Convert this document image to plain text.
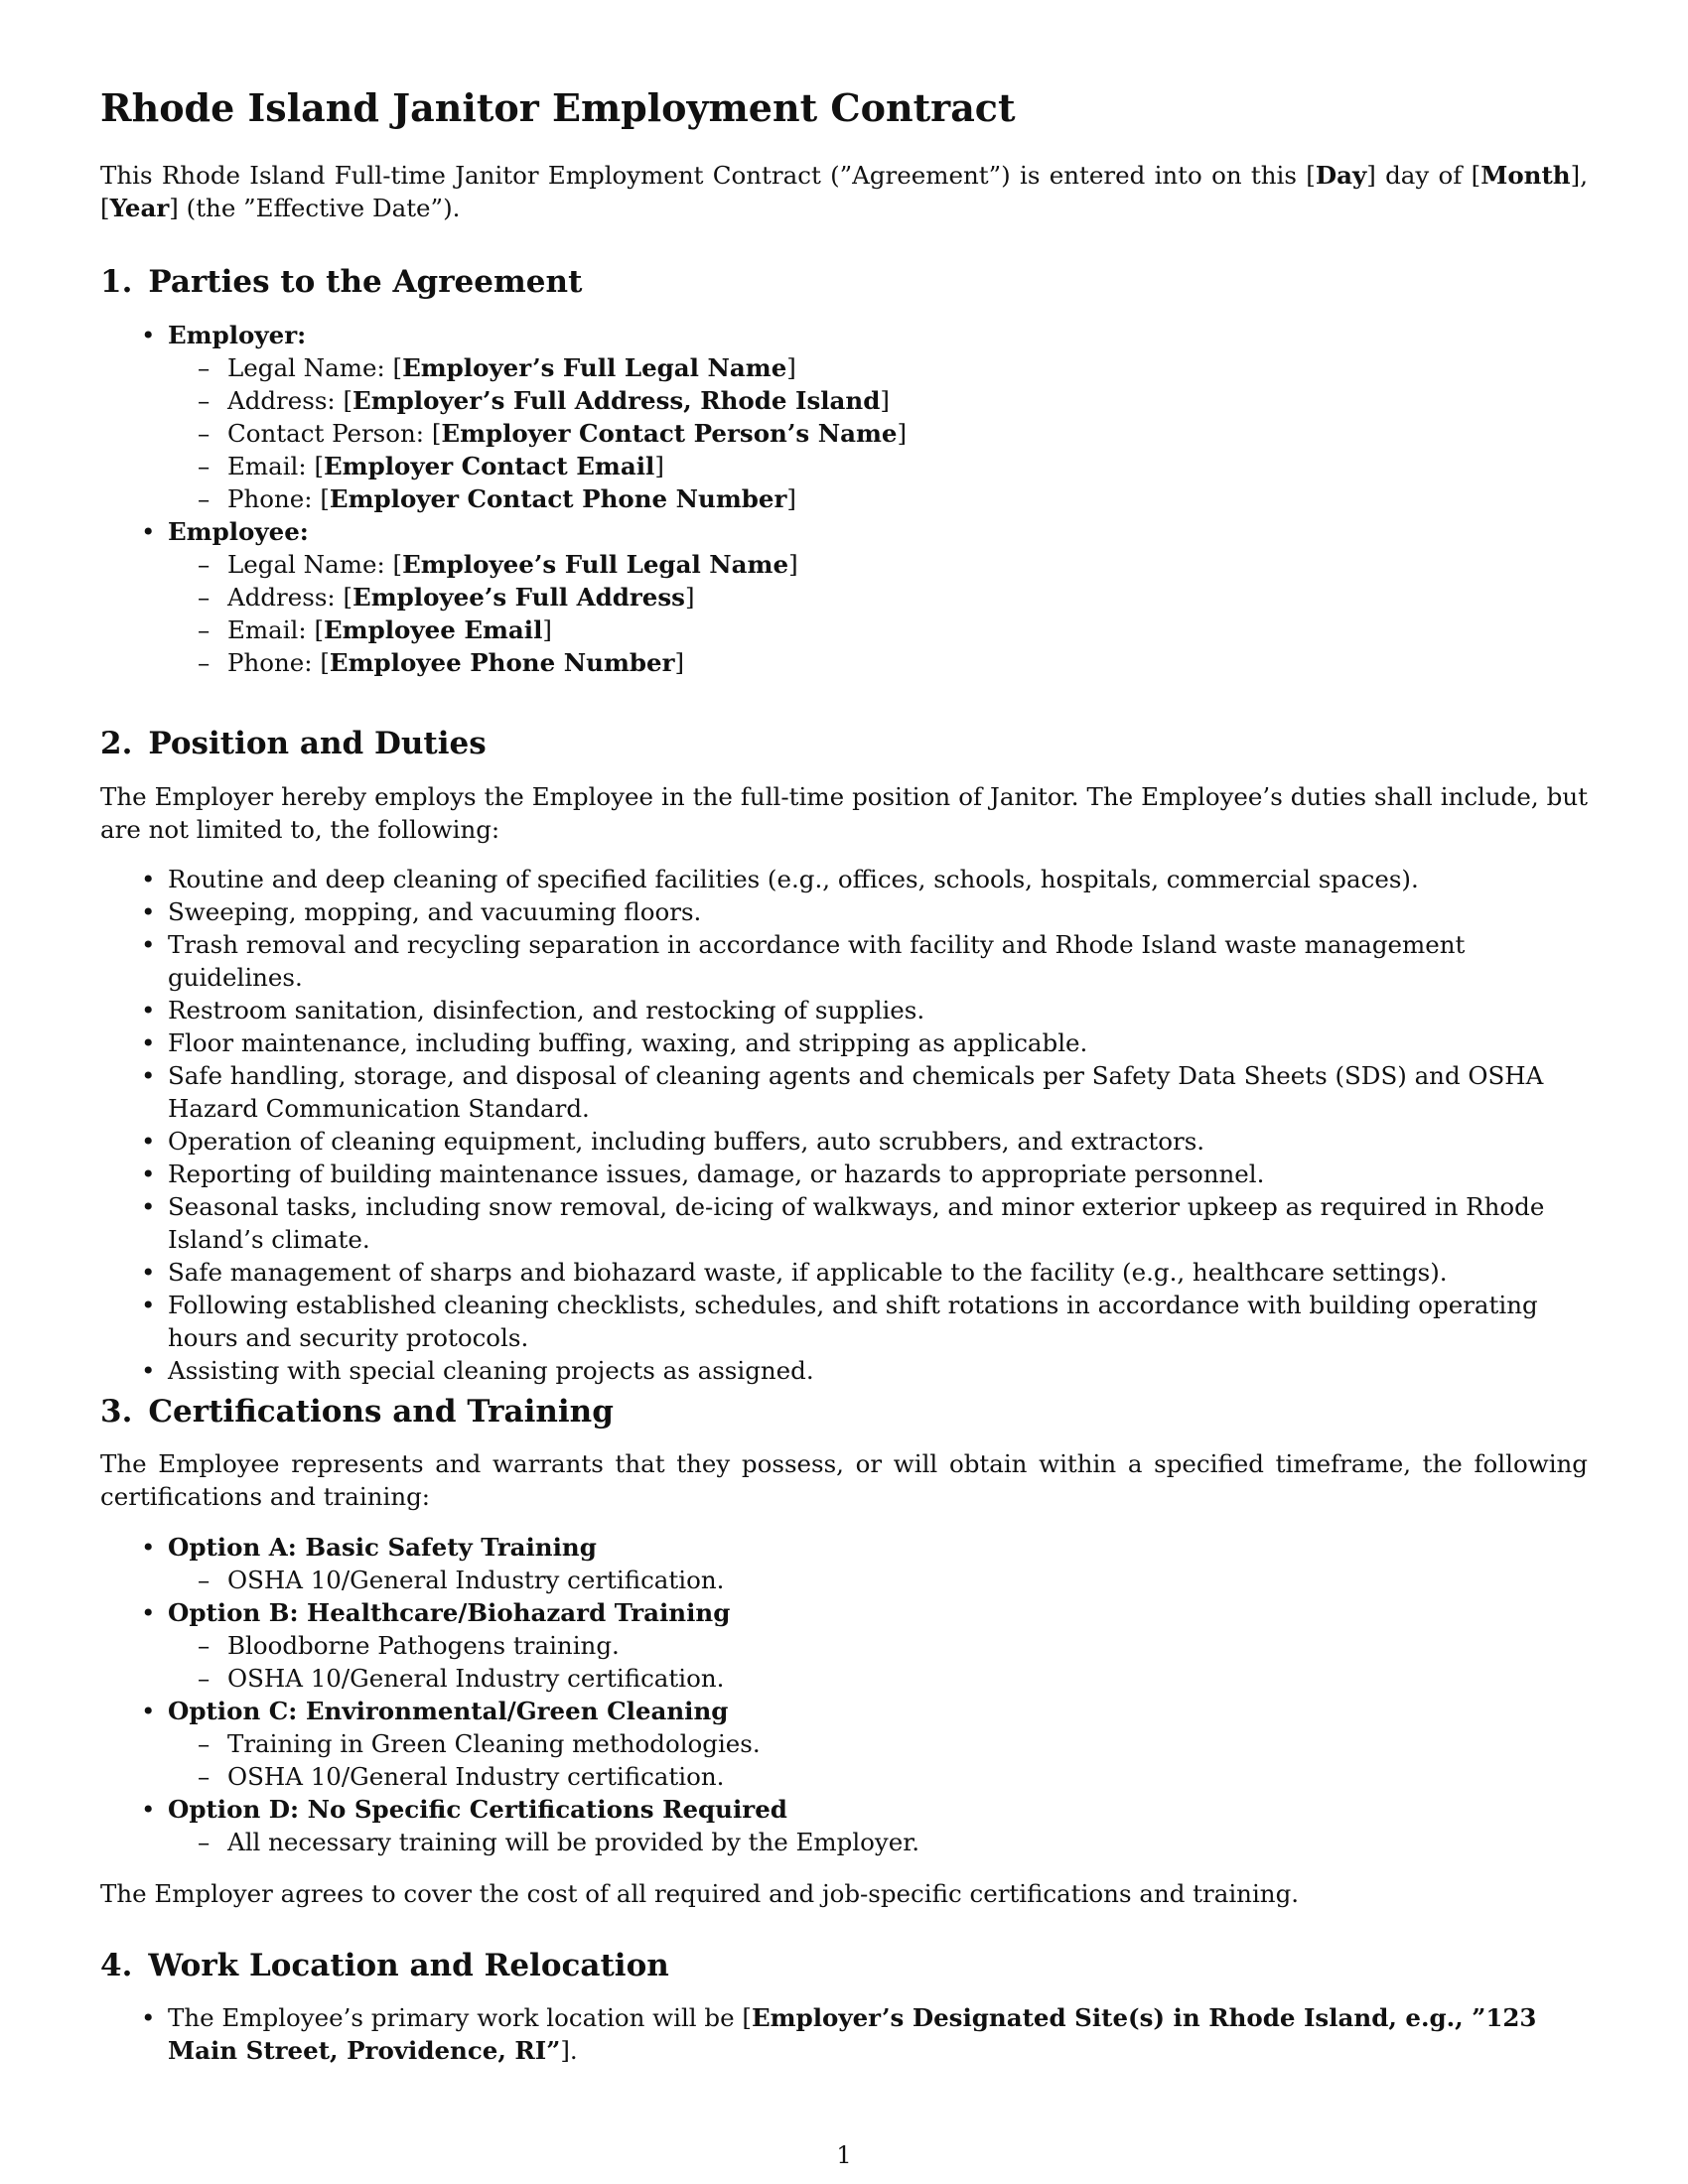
Rhode Island Janitor Employment Contract

This Rhode Island Full-time Janitor Employment Contract (”Agreement”) is entered into on this [Day] day of [Month], [Year] (the ”Effective Date”).

1. Parties to the Agreement
• Employer:
– Legal Name: [Employer’s Full Legal Name]
– Address: [Employer’s Full Address, Rhode Island]
– Contact Person: [Employer Contact Person’s Name]
– Email: [Employer Contact Email]
– Phone: [Employer Contact Phone Number]
• Employee:
– Legal Name: [Employee’s Full Legal Name]
– Address: [Employee’s Full Address]
– Email: [Employee Email]
– Phone: [Employee Phone Number]
2. Position and Duties

The Employer hereby employs the Employee in the full-time position of Janitor. The Employee’s duties shall include, but are not limited to, the following:

• Routine and deep cleaning of specified facilities (e.g., offices, schools, hospitals, commercial spaces).
• Sweeping, mopping, and vacuuming floors.
• Trash removal and recycling separation in accordance with facility and Rhode Island waste management guidelines.
• Restroom sanitation, disinfection, and restocking of supplies.
• Floor maintenance, including buffing, waxing, and stripping as applicable.
• Safe handling, storage, and disposal of cleaning agents and chemicals per Safety Data Sheets (SDS) and OSHA Hazard Communication Standard.
• Operation of cleaning equipment, including buffers, auto scrubbers, and extractors.
• Reporting of building maintenance issues, damage, or hazards to appropriate personnel.
• Seasonal tasks, including snow removal, de-icing of walkways, and minor exterior upkeep as required in Rhode Island’s climate.
• Safe management of sharps and biohazard waste, if applicable to the facility (e.g., healthcare settings).
• Following established cleaning checklists, schedules, and shift rotations in accordance with building operating hours and security protocols.
• Assisting with special cleaning projects as assigned.
3. Certifications and Training

The Employee represents and warrants that they possess, or will obtain within a specified timeframe, the following certifications and training:

• Option A: Basic Safety Training
– OSHA 10/General Industry certification.
• Option B: Healthcare/Biohazard Training
– Bloodborne Pathogens training.
– OSHA 10/General Industry certification.
• Option C: Environmental/Green Cleaning
– Training in Green Cleaning methodologies.
– OSHA 10/General Industry certification.
• Option D: No Specific Certifications Required
– All necessary training will be provided by the Employer.

The Employer agrees to cover the cost of all required and job-specific certifications and training.

4. Work Location and Relocation
• The Employee’s primary work location will be [Employer’s Designated Site(s) in Rhode Island, e.g., ”123 Main Street, Providence, RI”].
1
